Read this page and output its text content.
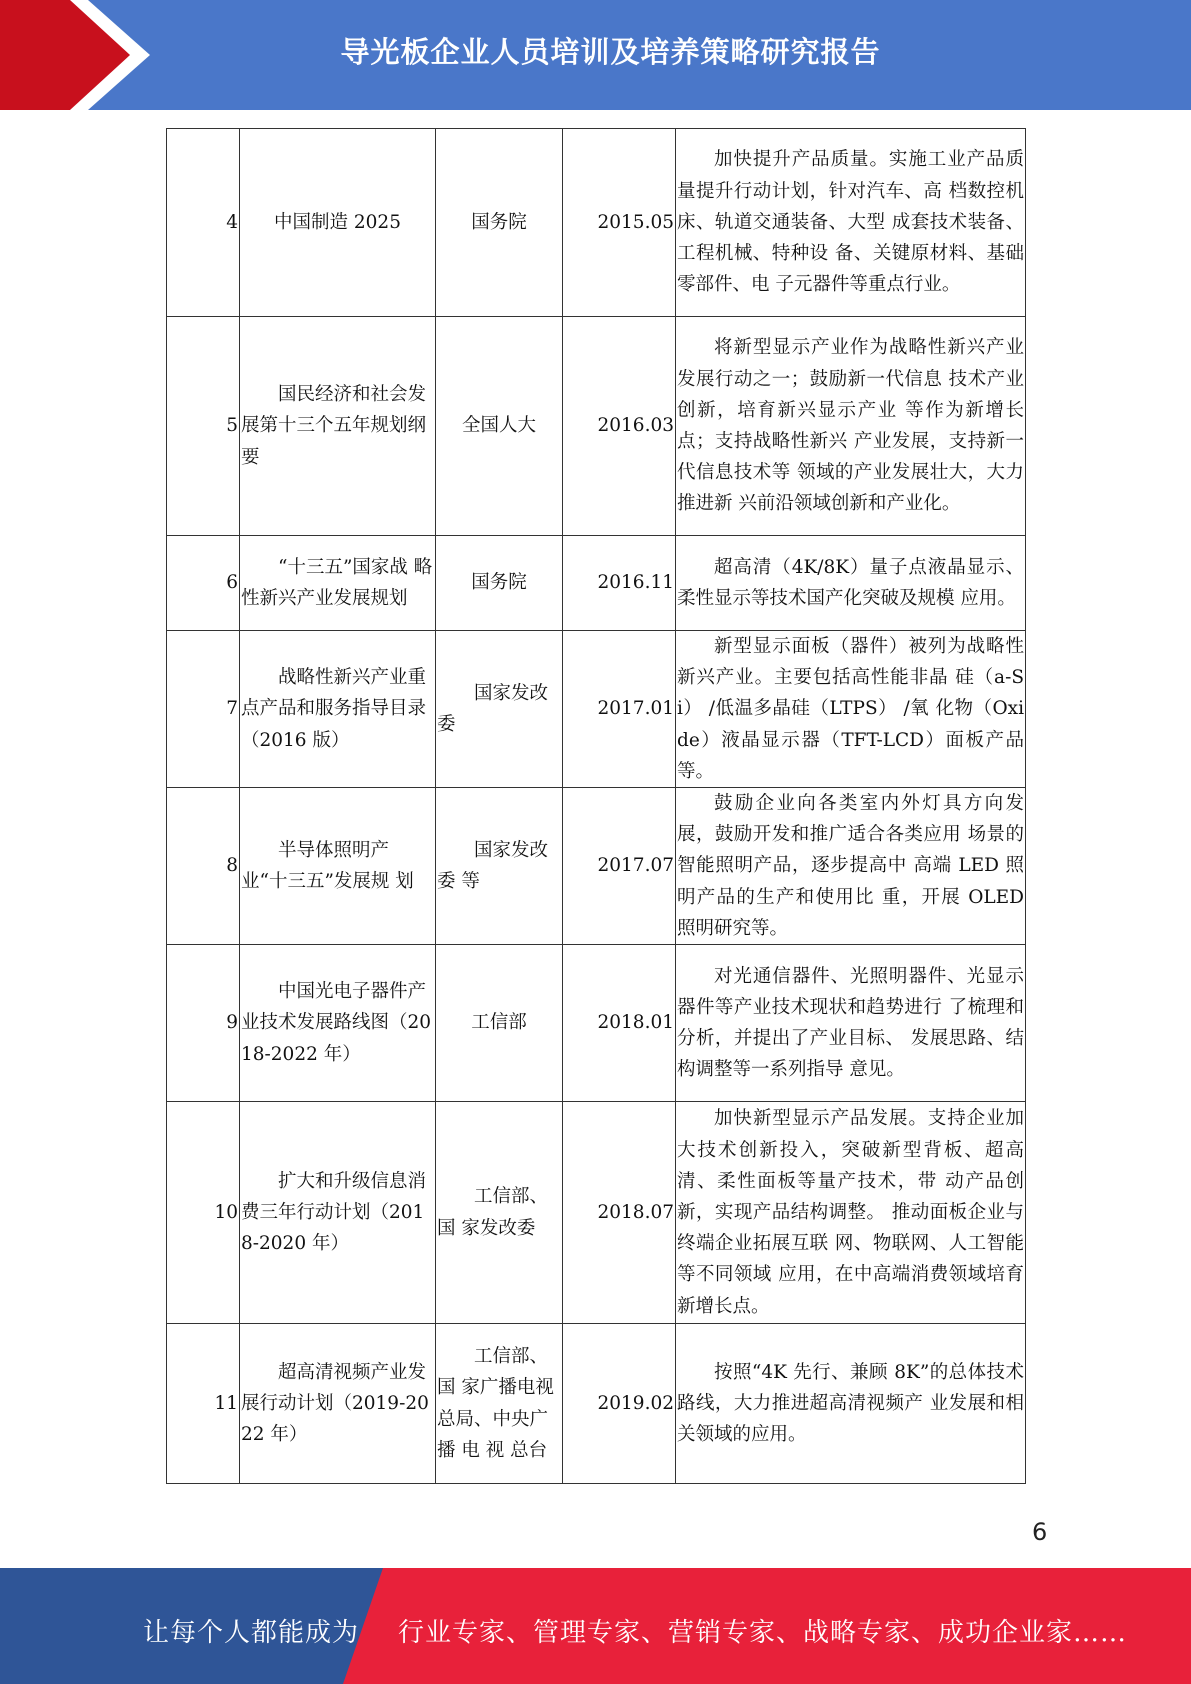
导光板企业人员培训及培养策略研究报告
4	中国制造 2025	国务院	2015.05	加快提升产品质量。实施工业产品质量提升行动计划，针对汽车、高 档数控机床、轨道交通装备、大型 成套技术装备、工程机械、特种设 备、关键原材料、基础零部件、电 子元器件等重点行业。
5	国民经济和社会发 展第十三个五年规划纲要	全国人大	2016.03	将新型显示产业作为战略性新兴产业发展行动之一；鼓励新一代信息 技术产业创新，培育新兴显示产业 等作为新增长点；支持战略性新兴 产业发展，支持新一代信息技术等 领域的产业发展壮大，大力推进新 兴前沿领域创新和产业化。
6	“十三五”国家战 略性新兴产业发展规划	国务院	2016.11	超高清（4K/8K）量子点液晶显示、柔性显示等技术国产化突破及规模 应用。
7	战略性新兴产业重 点产品和服务指导目录（2016 版）	国家发改委	2017.01	新型显示面板（器件）被列为战略性新兴产业。主要包括高性能非晶 硅（a-Si） /低温多晶硅（LTPS） /氧 化物（Oxide）液晶显示器（TFT-LCD）面板产品等。
8	半导体照明产业“十三五”发展规 划	国家发改委 等	2017.07	鼓励企业向各类室内外灯具方向发展，鼓励开发和推广适合各类应用 场景的智能照明产品，逐步提高中 高端 LED 照明产品的生产和使用比 重，开展 OLED 照明研究等。
9	中国光电子器件产 业技术发展路线图（2018-2022 年）	工信部	2018.01	对光通信器件、光照明器件、光显示器件等产业技术现状和趋势进行 了梳理和分析，并提出了产业目标、 发展思路、结构调整等一系列指导 意见。
10	扩大和升级信息消 费三年行动计划（2018-2020 年）	工信部、国 家发改委	2018.07	加快新型显示产品发展。支持企业加大技术创新投入，突破新型背板、超高清、柔性面板等量产技术，带 动产品创新，实现产品结构调整。 推动面板企业与终端企业拓展互联 网、物联网、人工智能等不同领域 应用，在中高端消费领域培育新增长点。
11	超高清视频产业发 展行动计划（2019-2022 年）	工信部、国 家广播电视 总局、中央广 播 电 视 总台	2019.02	按照“4K 先行、兼顾 8K”的总体技术路线，大力推进超高清视频产 业发展和相关领域的应用。
6
让每个人都能成为 行业专家、管理专家、营销专家、战略专家、成功企业家……
